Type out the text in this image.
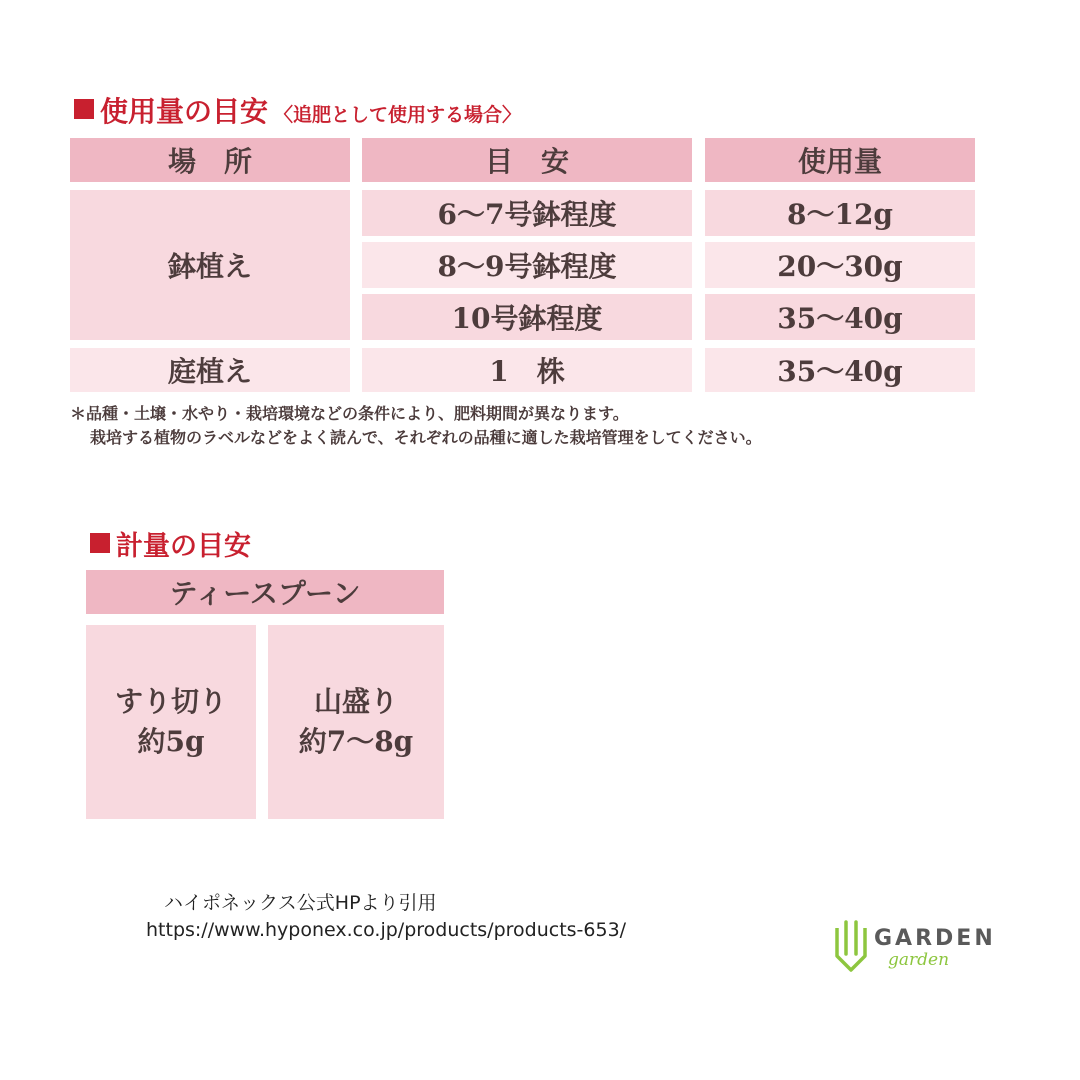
使用量の目安 〈追肥として使用する場合〉
場　所	目　安	使用量
鉢植え
6〜7号鉢程度	8〜12g
8〜9号鉢程度	20〜30g
10号鉢程度	35〜40g
庭植え	1　株	35〜40g
＊品種・土壌・水やり・栽培環境などの条件により、肥料期間が異なります。
栽培する植物のラベルなどをよく読んで、それぞれの品種に適した栽培管理をしてください。
計量の目安
ティースプーン
すり切り
約5g
山盛り
約7〜8g
ハイポネックス公式HPより引用
https://www.hyponex.co.jp/products/products-653/	GARDEN
garden
